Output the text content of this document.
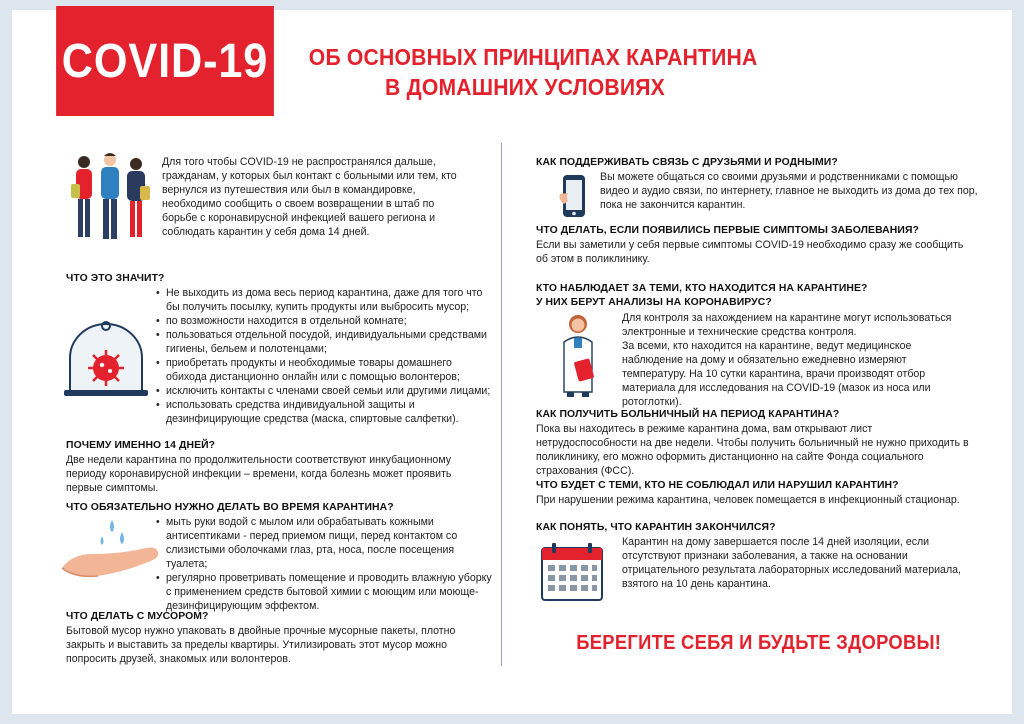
COVID-19 ОБ ОСНОВНЫХ ПРИНЦИПАХ КАРАНТИНА
В ДОМАШНИХ УСЛОВИЯХ
Для того чтобы COVID-19 не распространялся дальше, гражданам, у которых был контакт с больными или тем, кто вернулся из путешествия или был в командировке, необходимо сообщить о своем возвращении в штаб по борьбе с коронавирусной инфекцией вашего региона и соблюдать карантин у себя дома 14 дней.
ЧТО ЭТО ЗНАЧИТ?
• Не выходить из дома весь период карантина, даже для того что бы получить посылку, купить продукты или выбросить мусор;
• по возможности находится в отдельной комнате;
• пользоваться отдельной посудой, индивидуальными средствами гигиены, бельем и полотенцами;
• приобретать продукты и необходимые товары домашнего обихода дистанционно онлайн или с помощью волонтеров;
• исключить контакты с членами своей семьи или другими лицами;
• использовать средства индивидуальной защиты и дезинфицирующие средства (маска, спиртовые салфетки).
ПОЧЕМУ ИМЕННО 14 ДНЕЙ?
Две недели карантина по продолжительности соответствуют инкубационному периоду коронавирусной инфекции – времени, когда болезнь может проявить первые симптомы.
ЧТО ОБЯЗАТЕЛЬНО НУЖНО ДЕЛАТЬ ВО ВРЕМЯ КАРАНТИНА?
• мыть руки водой с мылом или обрабатывать кожными антисептиками - перед приемом пищи, перед контактом со слизистыми оболочками глаз, рта, носа, после посещения туалета;
• регулярно проветривать помещение и проводить влажную уборку с применением средств бытовой химии с моющим или моюще-дезинфицирующим эффектом.
ЧТО ДЕЛАТЬ С МУСОРОМ?
Бытовой мусор нужно упаковать в двойные прочные мусорные пакеты, плотно закрыть и выставить за пределы квартиры. Утилизировать этот мусор можно попросить друзей, знакомых или волонтеров.
КАК ПОДДЕРЖИВАТЬ СВЯЗЬ С ДРУЗЬЯМИ И РОДНЫМИ?
Вы можете общаться со своими друзьями и родственниками с помощью видео и аудио связи, по интернету, главное не выходить из дома до тех пор, пока не закончится карантин.
ЧТО ДЕЛАТЬ, ЕСЛИ ПОЯВИЛИСЬ ПЕРВЫЕ СИМПТОМЫ ЗАБОЛЕВАНИЯ?
Если вы заметили у себя первые симптомы COVID-19 необходимо сразу же сообщить об этом в поликлинику.
КТО НАБЛЮДАЕТ ЗА ТЕМИ, КТО НАХОДИТСЯ НА КАРАНТИНЕ?
У НИХ БЕРУТ АНАЛИЗЫ НА КОРОНАВИРУС?
Для контроля за нахождением на карантине могут использоваться электронные и технические средства контроля.
За всеми, кто находится на карантине, ведут медицинское наблюдение на дому и обязательно ежедневно измеряют температуру. На 10 сутки карантина, врачи производят отбор материала для исследования на COVID-19 (мазок из носа или ротоглотки).
КАК ПОЛУЧИТЬ БОЛЬНИЧНЫЙ НА ПЕРИОД КАРАНТИНА?
Пока вы находитесь в режиме карантина дома, вам открывают лист нетрудоспособности на две недели. Чтобы получить больничный не нужно приходить в поликлинику, его можно оформить дистанционно на сайте Фонда социального страхования (ФСС).
ЧТО БУДЕТ С ТЕМИ, КТО НЕ СОБЛЮДАЛ ИЛИ НАРУШИЛ КАРАНТИН?
При нарушении режима карантина, человек помещается в инфекционный стационар.
КАК ПОНЯТЬ, ЧТО КАРАНТИН ЗАКОНЧИЛСЯ?
Карантин на дому завершается после 14 дней изоляции, если отсутствуют признаки заболевания, а также на основании отрицательного результата лабораторных исследований материала, взятого на 10 день карантина.
БЕРЕГИТЕ СЕБЯ И БУДЬТЕ ЗДОРОВЫ!
